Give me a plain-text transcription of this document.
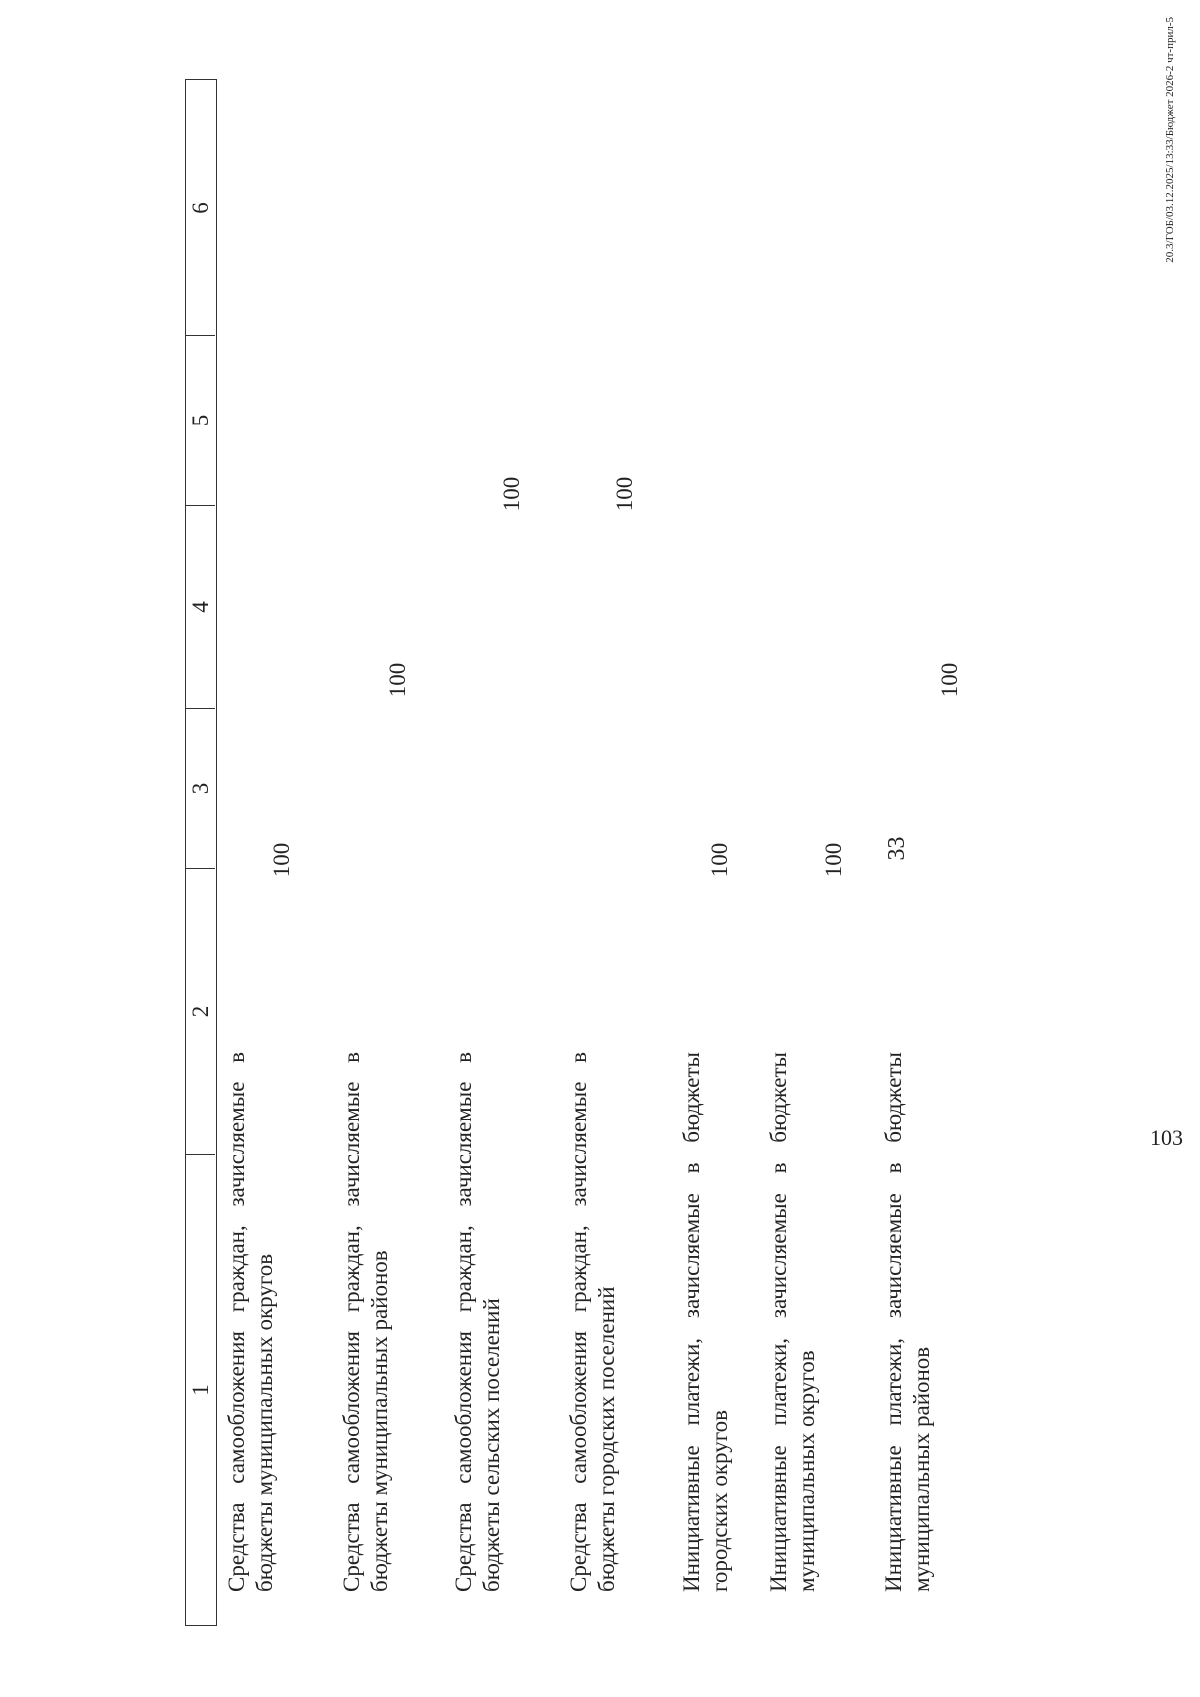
33
1
2
3
4
5
6
Средства самообложения граждан, зачисляемые в бюджеты муниципальных округов
100
Средства самообложения граждан, зачисляемые в бюджеты муниципальных районов
100
Средства самообложения граждан, зачисляемые в бюджеты сельских поселений
100
Средства самообложения граждан, зачисляемые в бюджеты городских поселений
100
Инициативные платежи, зачисляемые в бюджеты городских округов
100
Инициативные платежи, зачисляемые в бюджеты муниципальных округов
100
Инициативные платежи, зачисляемые в бюджеты муниципальных районов
100
20.3/ГОБ/03.12.2025/13:33/Бюджет 2026-2 чт-прил-5
103
